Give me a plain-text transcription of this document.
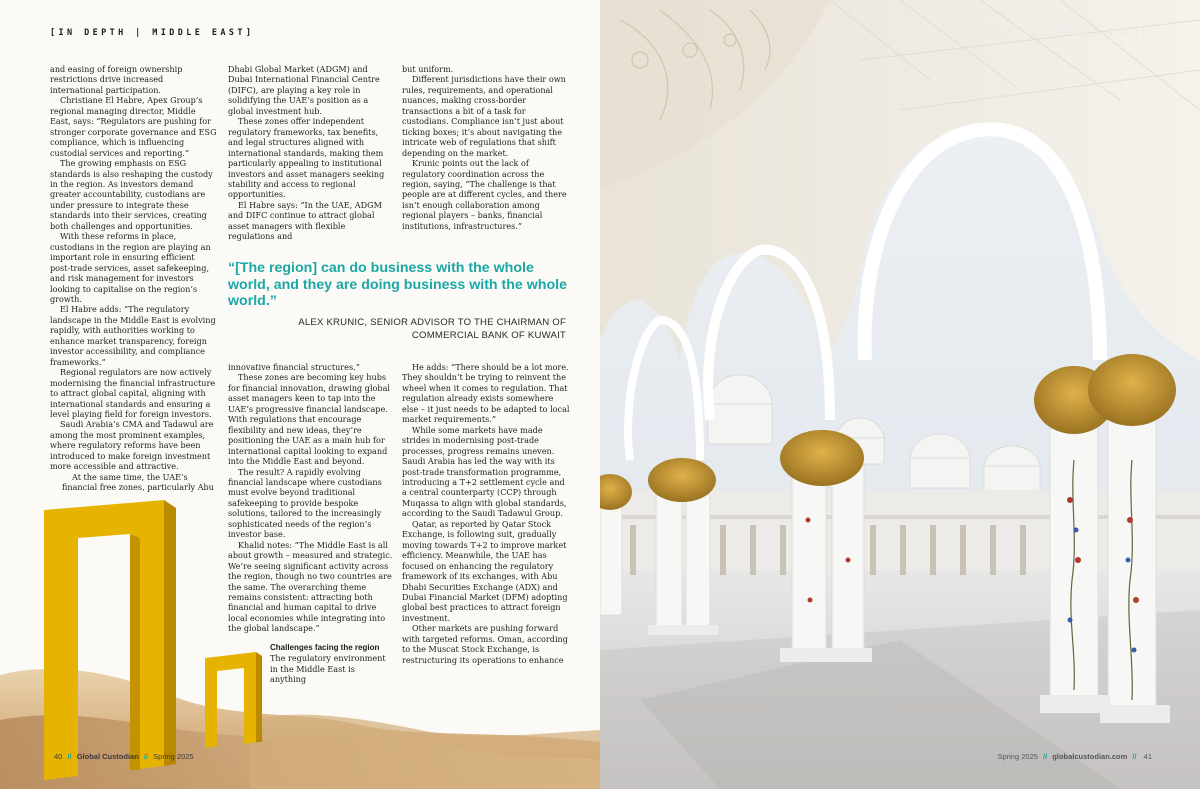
[IN DEPTH | MIDDLE EAST]

and easing of foreign ownership restrictions drive increased international participation.

Christiane El Habre, Apex Group’s regional managing director, Middle East, says: “Regulators are pushing for stronger corporate governance and ESG compliance, which is influencing custodial services and reporting.”

The growing emphasis on ESG standards is also reshaping the custody in the region. As investors demand greater accountability, custodians are under pressure to integrate these standards into their services, creating both challenges and opportunities.

With these reforms in place, custodians in the region are playing an important role in ensuring efficient post-trade services, asset safekeeping, and risk management for investors looking to capitalise on the region’s growth.

El Habre adds: “The regulatory landscape in the Middle East is evolving rapidly, with authorities working to enhance market transparency, foreign investor accessibility, and compliance frameworks.”

Regional regulators are now actively modernising the financial infrastructure to attract global capital, aligning with international standards and ensuring a level playing field for foreign investors.

Saudi Arabia’s CMA and Tadawul are among the most prominent examples, where regulatory reforms have been introduced to make foreign investment more accessible and attractive.

At the same time, the UAE’s financial free zones, particularly Abu

Dhabi Global Market (ADGM) and Dubai International Financial Centre (DIFC), are playing a key role in solidifying the UAE’s position as a global investment hub.

These zones offer independent regulatory frameworks, tax benefits, and legal structures aligned with international standards, making them particularly appealing to institutional investors and asset managers seeking stability and access to regional opportunities.

El Habre says: “In the UAE, ADGM and DIFC continue to attract global asset managers with flexible regulations and

but uniform.

Different jurisdictions have their own rules, requirements, and operational nuances, making cross-border transactions a bit of a task for custodians. Compliance isn’t just about ticking boxes; it’s about navigating the intricate web of regulations that shift depending on the market.

Krunic points out the lack of regulatory coordination across the region, saying, “The challenge is that people are at different cycles, and there isn’t enough collaboration among regional players – banks, financial institutions, infrastructures.”

“[The region] can do business with the whole world, and they are doing business with the whole world.”
ALEX KRUNIC, SENIOR ADVISOR TO THE CHAIRMAN OF
COMMERCIAL BANK OF KUWAIT

innovative financial structures.”

These zones are becoming key hubs for financial innovation, drawing global asset managers keen to tap into the UAE’s progressive financial landscape. With regulations that encourage flexibility and new ideas, they’re positioning the UAE as a main hub for international capital looking to expand into the Middle East and beyond.

The result? A rapidly evolving financial landscape where custodians must evolve beyond traditional safekeeping to provide bespoke solutions, tailored to the increasingly sophisticated needs of the region’s investor base.

Khalid notes: “The Middle East is all about growth – measured and strategic. We’re seeing significant activity across the region, though no two countries are the same. The overarching theme remains consistent: attracting both financial and human capital to drive local economies while integrating into the global landscape.”

Challenges facing the region

The regulatory environment in the Middle East is anything

He adds: “There should be a lot more. They shouldn’t be trying to reinvent the wheel when it comes to regulation. That regulation already exists somewhere else – it just needs to be adapted to local market requirements.”

While some markets have made strides in modernising post-trade processes, progress remains uneven. Saudi Arabia has led the way with its post-trade transformation programme, introducing a T+2 settlement cycle and a central counterparty (CCP) through Muqassa to align with global standards, according to the Saudi Tadawul Group.

Qatar, as reported by Qatar Stock Exchange, is following suit, gradually moving towards T+2 to improve market efficiency. Meanwhile, the UAE has focused on enhancing the regulatory framework of its exchanges, with Abu Dhabi Securities Exchange (ADX) and Dubai Financial Market (DFM) adopting global best practices to attract foreign investment.

Other markets are pushing forward with targeted reforms. Oman, according to the Muscat Stock Exchange, is restructuring its operations to enhance

40 // Global Custodian // Spring 2025
[IN DEPTH | MIDDLE EAST]
Spring 2025 // globalcustodian.com // 41
